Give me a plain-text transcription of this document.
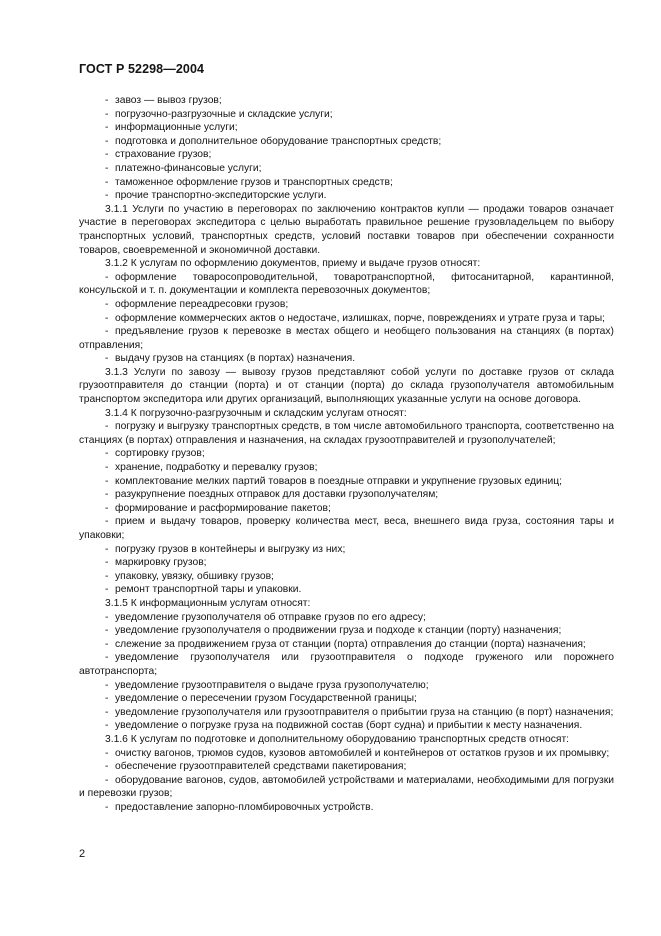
ГОСТ Р 52298—2004

- завоз — вывоз грузов;

- погрузочно-разгрузочные и складские услуги;

- информационные услуги;

- подготовка и дополнительное оборудование транспортных средств;

- страхование грузов;

- платежно-финансовые услуги;

- таможенное оформление грузов и транспортных средств;

- прочие транспортно-экспедиторские услуги.

3.1.1 Услуги по участию в переговорах по заключению контрактов купли — продажи товаров означает участие в переговорах экспедитора с целью выработать правильное решение грузовладельцем по выбору транспортных условий, транспортных средств, условий поставки товаров при обеспечении сохранности товаров, своевременной и экономичной доставки.

3.1.2 К услугам по оформлению документов, приему и выдаче грузов относят:

- оформление товаросопроводительной, товаротранспортной, фитосанитарной, карантинной, консульской и т. п. документации и комплекта перевозочных документов;

- оформление переадресовки грузов;

- оформление коммерческих актов о недостаче, излишках, порче, повреждениях и утрате груза и тары;

- предъявление грузов к перевозке в местах общего и необщего пользования на станциях (в портах) отправления;

- выдачу грузов на станциях (в портах) назначения.

3.1.3 Услуги по завозу — вывозу грузов представляют собой услуги по доставке грузов от склада грузоотправителя до станции (порта) и от станции (порта) до склада грузополучателя автомобильным транспортом экспедитора или других организаций, выполняющих указанные услуги на основе договора.

3.1.4 К погрузочно-разгрузочным и складским услугам относят:

- погрузку и выгрузку транспортных средств, в том числе автомобильного транспорта, соответственно на станциях (в портах) отправления и назначения, на складах грузоотправителей и грузополучателей;

- сортировку грузов;

- хранение, подработку и перевалку грузов;

- комплектование мелких партий товаров в поездные отправки и укрупнение грузовых единиц;

- разукрупнение поездных отправок для доставки грузополучателям;

- формирование и расформирование пакетов;

- прием и выдачу товаров, проверку количества мест, веса, внешнего вида груза, состояния тары и упаковки;

- погрузку грузов в контейнеры и выгрузку из них;

- маркировку грузов;

- упаковку, увязку, обшивку грузов;

- ремонт транспортной тары и упаковки.

3.1.5 К информационным услугам относят:

- уведомление грузополучателя об отправке грузов по его адресу;

- уведомление грузополучателя о продвижении груза и подходе к станции (порту) назначения;

- слежение за продвижением груза от станции (порта) отправления до станции (порта) назначения;

- уведомление грузополучателя или грузоотправителя о подходе груженого или порожнего автотранспорта;

- уведомление грузоотправителя о выдаче груза грузополучателю;

- уведомление о пересечении грузом Государственной границы;

- уведомление грузополучателя или грузоотправителя о прибытии груза на станцию (в порт) назначения;

- уведомление о погрузке груза на подвижной состав (борт судна) и прибытии к месту назначения.

3.1.6 К услугам по подготовке и дополнительному оборудованию транспортных средств относят:

- очистку вагонов, трюмов судов, кузовов автомобилей и контейнеров от остатков грузов и их промывку;

- обеспечение грузоотправителей средствами пакетирования;

- оборудование вагонов, судов, автомобилей устройствами и материалами, необходимыми для погрузки и перевозки грузов;

- предоставление запорно-пломбировочных устройств.

2
